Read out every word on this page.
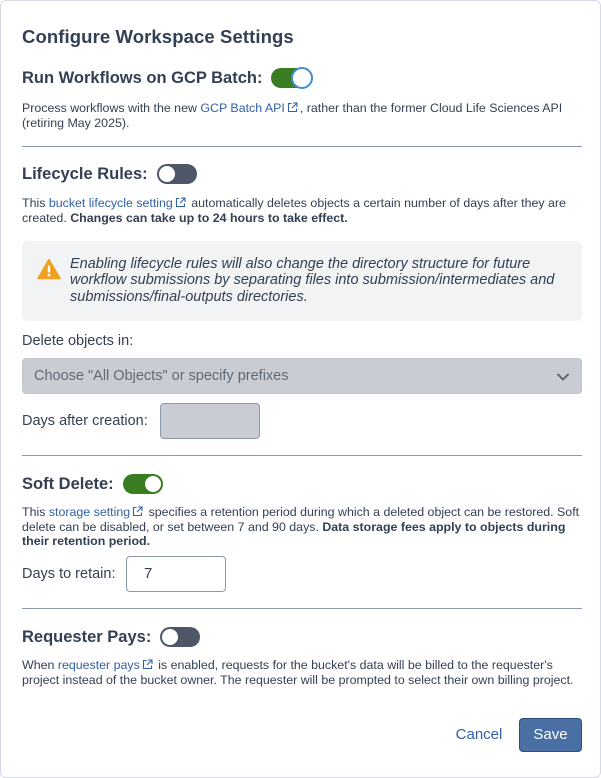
Configure Workspace Settings
Run Workflows on GCP Batch:
Process workflows with the new GCP Batch API , rather than the former Cloud Life Sciences API (retiring May 2025).
Lifecycle Rules:
This bucket lifecycle setting automatically deletes objects a certain number of days after they are created. Changes can take up to 24 hours to take effect.
Enabling lifecycle rules will also change the directory structure for future workflow submissions by separating files into submission/intermediates and submissions/final-outputs directories.
Delete objects in:
Choose "All Objects" or specify prefixes
Days after creation:
Soft Delete:
This storage setting specifies a retention period during which a deleted object can be restored. Soft delete can be disabled, or set between 7 and 90 days. Data storage fees apply to objects during their retention period.
Days to retain:	7
Requester Pays:
When requester pays is enabled, requests for the bucket's data will be billed to the requester's project instead of the bucket owner. The requester will be prompted to select their own billing project.
Cancel	Save
